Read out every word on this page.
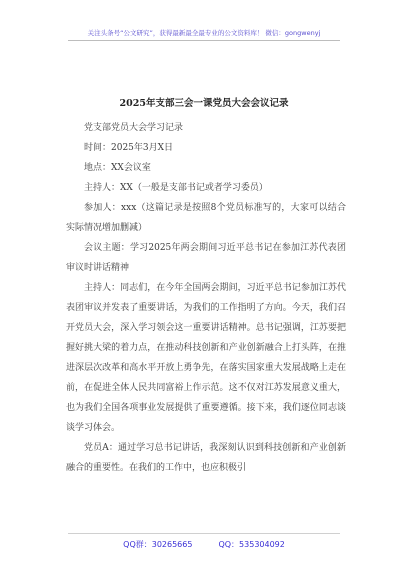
关注头条号“公文研究”，获得最新最全最专业的公文资料库！ 微信：gongwenyj
2025年支部三会一课党员大会会议记录

党支部党员大会学习记录

时间：2025年3月X日

地点：XX会议室

主持人：XX（一般是支部书记或者学习委员）

参加人：xxx（这篇记录是按照8个党员标准写的，大家可以结合实际情况增加删减）

会议主题：学习2025年两会期间习近平总书记在参加江苏代表团审议时讲话精神

主持人：同志们，在今年全国两会期间，习近平总书记参加江苏代表团审议并发表了重要讲话，为我们的工作指明了方向。今天，我们召开党员大会，深入学习领会这一重要讲话精神。总书记强调，江苏要把握好挑大梁的着力点，在推动科技创新和产业创新融合上打头阵，在推进深层次改革和高水平开放上勇争先，在落实国家重大发展战略上走在前，在促进全体人民共同富裕上作示范。这不仅对江苏发展意义重大，也为我们全国各项事业发展提供了重要遵循。接下来，我们逐位同志谈谈学习体会。

党员A：通过学习总书记讲话，我深刻认识到科技创新和产业创新融合的重要性。在我们的工作中，也应积极引

QQ群：30265665	QQ：535304092
